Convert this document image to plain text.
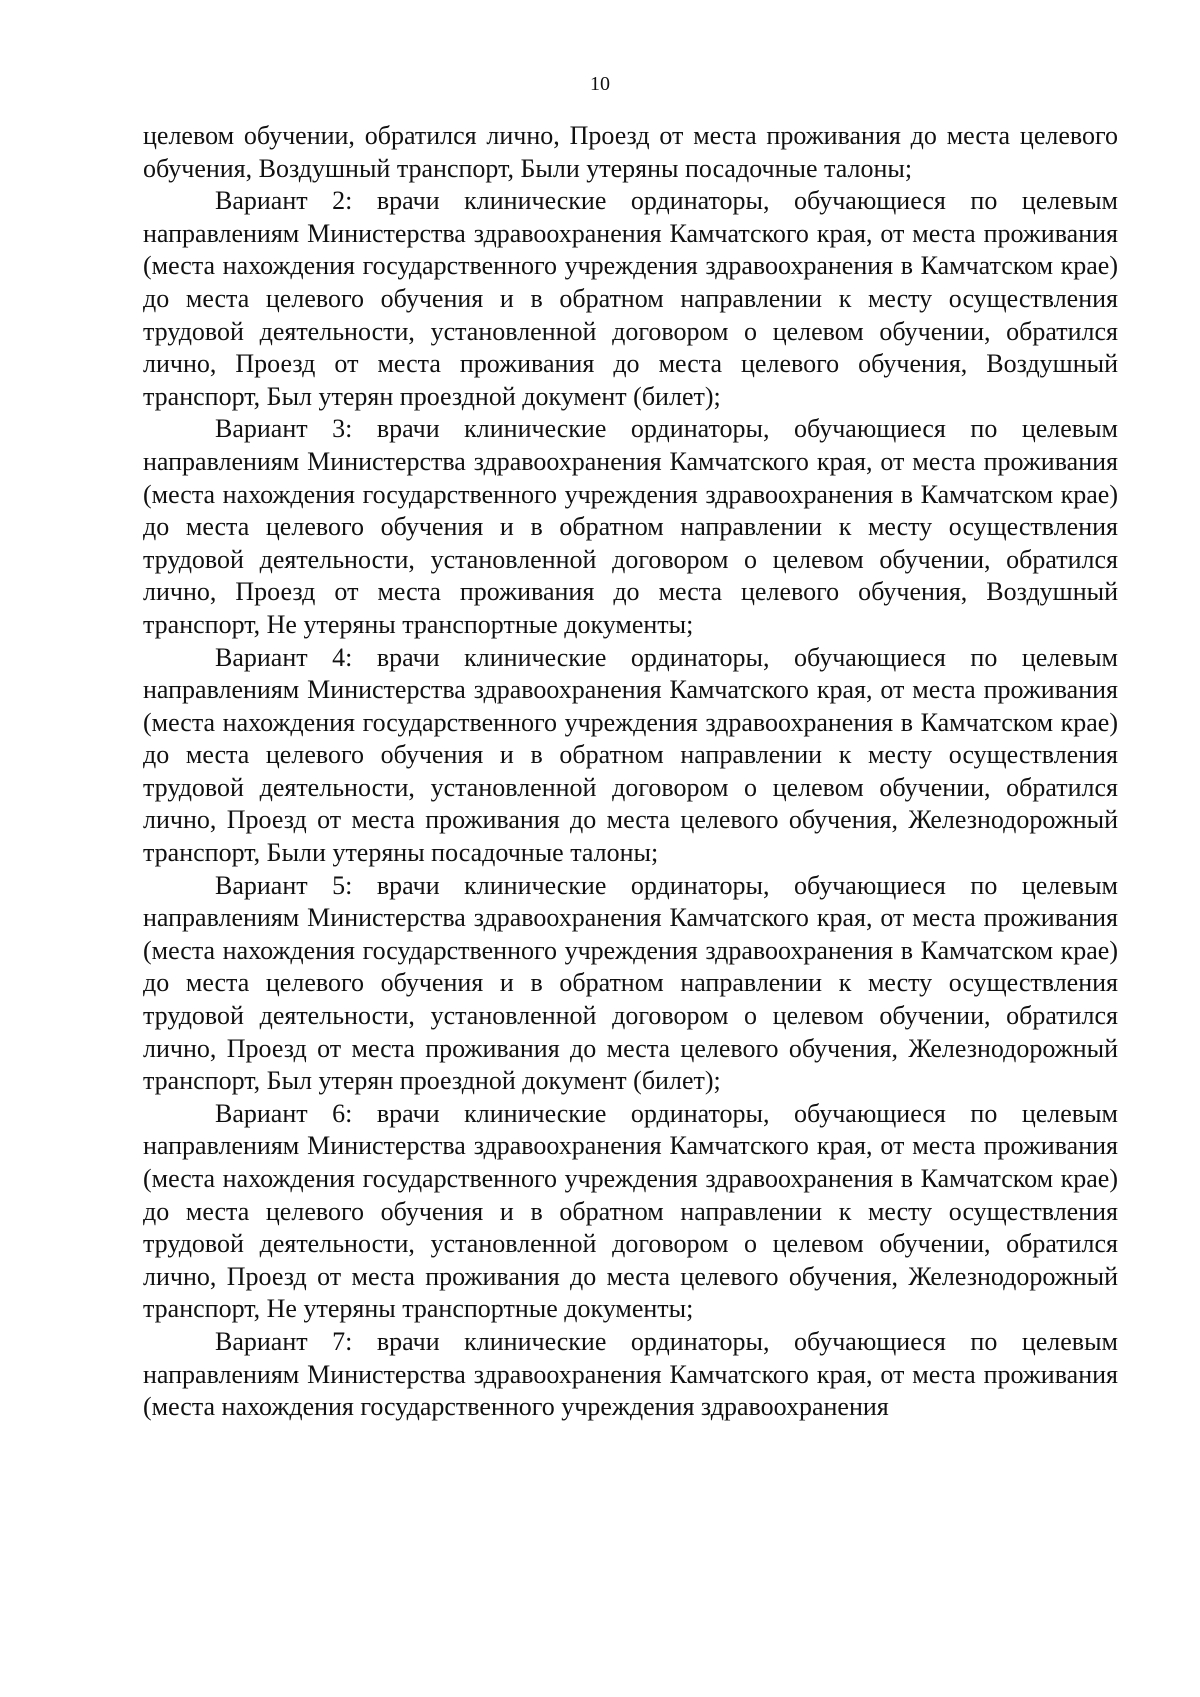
10

целевом обучении, обратился лично, Проезд от места проживания до места целевого обучения, Воздушный транспорт, Были утеряны посадочные талоны;

Вариант 2: врачи клинические ординаторы, обучающиеся по целевым направлениям Министерства здравоохранения Камчатского края, от места проживания (места нахождения государственного учреждения здравоохранения в Камчатском крае) до места целевого обучения и в обратном направлении к месту осуществления трудовой деятельности, установленной договором о целевом обучении, обратился лично, Проезд от места проживания до места целевого обучения, Воздушный транспорт, Был утерян проездной документ (билет);

Вариант 3: врачи клинические ординаторы, обучающиеся по целевым направлениям Министерства здравоохранения Камчатского края, от места проживания (места нахождения государственного учреждения здравоохранения в Камчатском крае) до места целевого обучения и в обратном направлении к месту осуществления трудовой деятельности, установленной договором о целевом обучении, обратился лично, Проезд от места проживания до места целевого обучения, Воздушный транспорт, Не утеряны транспортные документы;

Вариант 4: врачи клинические ординаторы, обучающиеся по целевым направлениям Министерства здравоохранения Камчатского края, от места проживания (места нахождения государственного учреждения здравоохранения в Камчатском крае) до места целевого обучения и в обратном направлении к месту осуществления трудовой деятельности, установленной договором о целевом обучении, обратился лично, Проезд от места проживания до места целевого обучения, Железнодорожный транспорт, Были утеряны посадочные талоны;

Вариант 5: врачи клинические ординаторы, обучающиеся по целевым направлениям Министерства здравоохранения Камчатского края, от места проживания (места нахождения государственного учреждения здравоохранения в Камчатском крае) до места целевого обучения и в обратном направлении к месту осуществления трудовой деятельности, установленной договором о целевом обучении, обратился лично, Проезд от места проживания до места целевого обучения, Железнодорожный транспорт, Был утерян проездной документ (билет);

Вариант 6: врачи клинические ординаторы, обучающиеся по целевым направлениям Министерства здравоохранения Камчатского края, от места проживания (места нахождения государственного учреждения здравоохранения в Камчатском крае) до места целевого обучения и в обратном направлении к месту осуществления трудовой деятельности, установленной договором о целевом обучении, обратился лично, Проезд от места проживания до места целевого обучения, Железнодорожный транспорт, Не утеряны транспортные документы;

Вариант 7: врачи клинические ординаторы, обучающиеся по целевым направлениям Министерства здравоохранения Камчатского края, от места проживания (места нахождения государственного учреждения здравоохранения
